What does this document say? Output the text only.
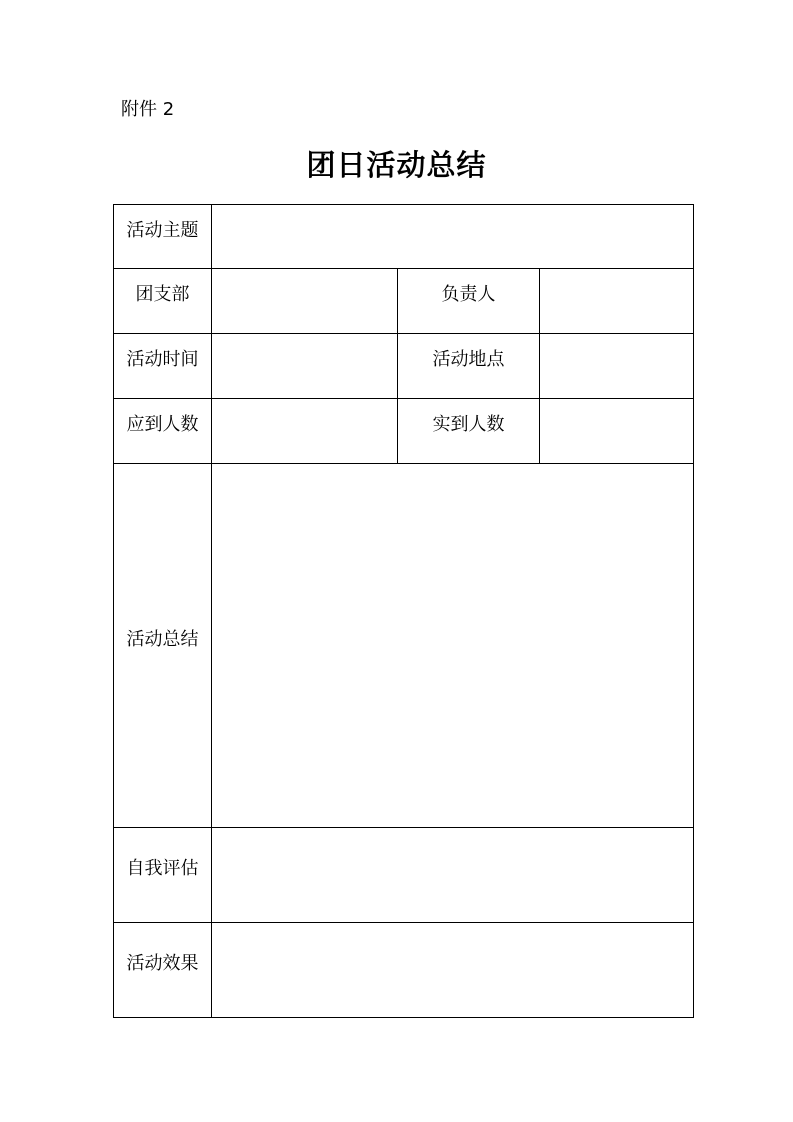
附件 2
团日活动总结
活动主题			
团支部		负责人	
活动时间		活动地点	
应到人数		实到人数	
活动总结			
自我评估			
活动效果			
